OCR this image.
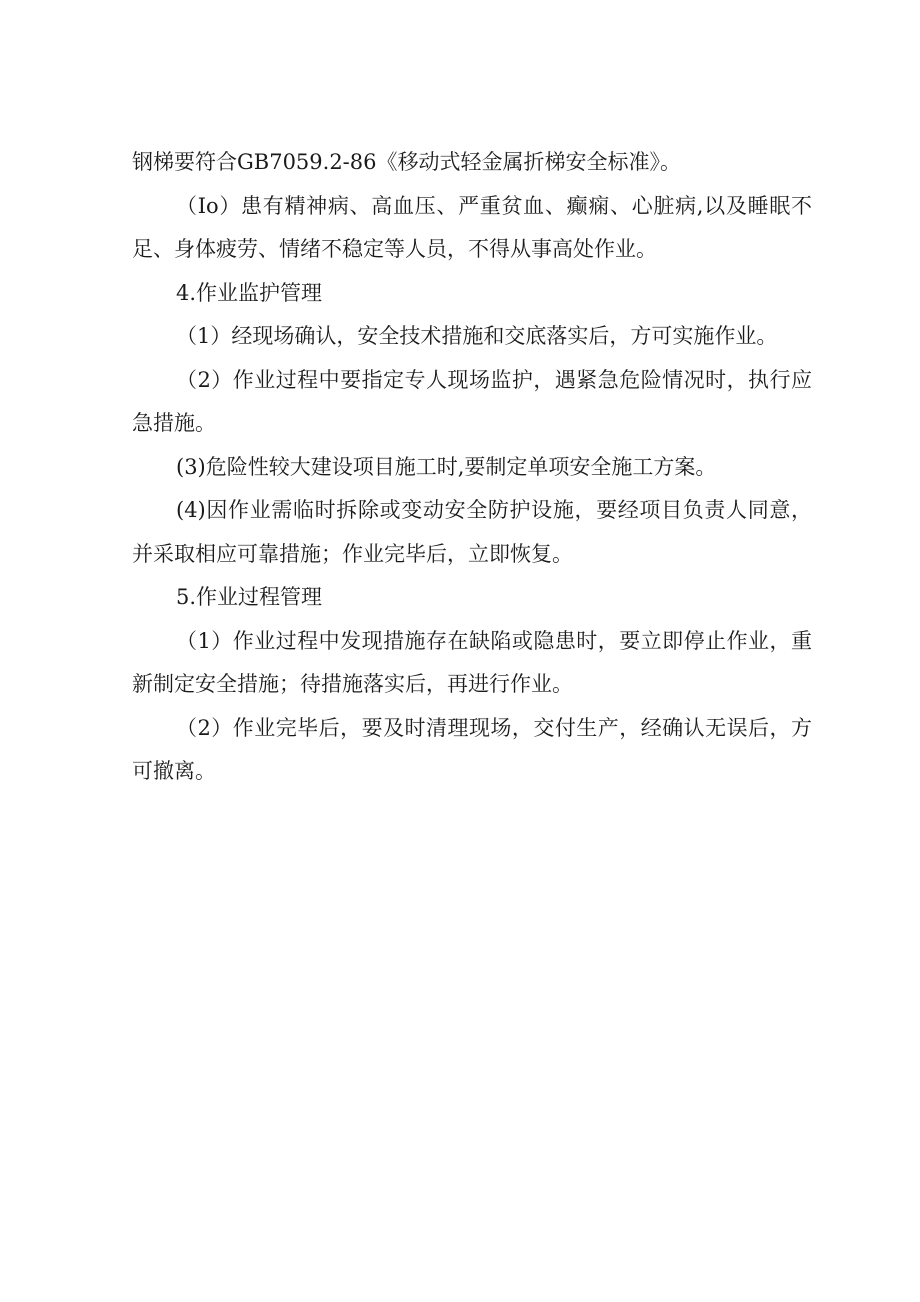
钢梯要符合GB7059.2-86《移动式轻金属折梯安全标准》。

（Io）患有精神病、高血压、严重贫血、癫痫、心脏病,以及睡眠不足、身体疲劳、情绪不稳定等人员，不得从事高处作业。

4.作业监护管理

（1）经现场确认，安全技术措施和交底落实后，方可实施作业。

（2）作业过程中要指定专人现场监护，遇紧急危险情况时，执行应急措施。

(3)危险性较大建设项目施工时,要制定单项安全施工方案。

(4)因作业需临时拆除或变动安全防护设施，要经项目负责人同意，并采取相应可靠措施；作业完毕后，立即恢复。

5.作业过程管理

（1）作业过程中发现措施存在缺陷或隐患时，要立即停止作业，重新制定安全措施；待措施落实后，再进行作业。

（2）作业完毕后，要及时清理现场，交付生产，经确认无误后，方可撤离。
